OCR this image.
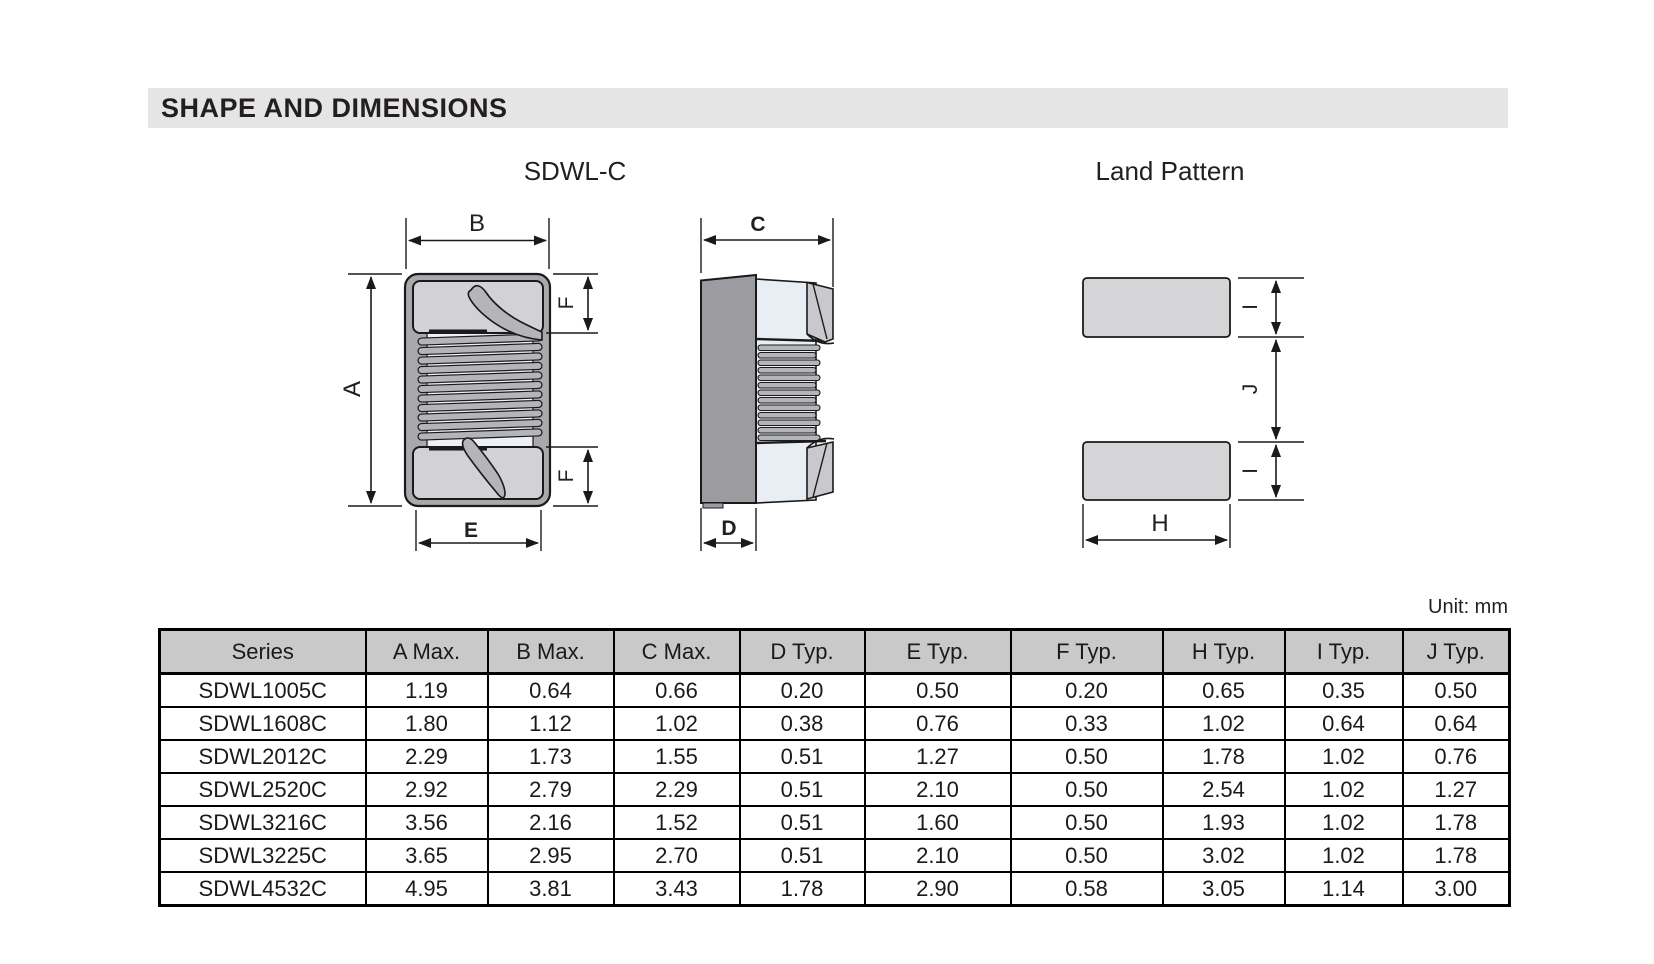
SHAPE AND DIMENSIONS
SDWL-C	Land Pattern
B
A
F
F
E
C
D
I
J
I
H
Unit: mm
Series	A Max.	B Max.	C Max.	D Typ.	E Typ.	F Typ.	H Typ.	I Typ.	J Typ.
SDWL1005C	1.19	0.64	0.66	0.20	0.50	0.20	0.65	0.35	0.50
SDWL1608C	1.80	1.12	1.02	0.38	0.76	0.33	1.02	0.64	0.64
SDWL2012C	2.29	1.73	1.55	0.51	1.27	0.50	1.78	1.02	0.76
SDWL2520C	2.92	2.79	2.29	0.51	2.10	0.50	2.54	1.02	1.27
SDWL3216C	3.56	2.16	1.52	0.51	1.60	0.50	1.93	1.02	1.78
SDWL3225C	3.65	2.95	2.70	0.51	2.10	0.50	3.02	1.02	1.78
SDWL4532C	4.95	3.81	3.43	1.78	2.90	0.58	3.05	1.14	3.00
